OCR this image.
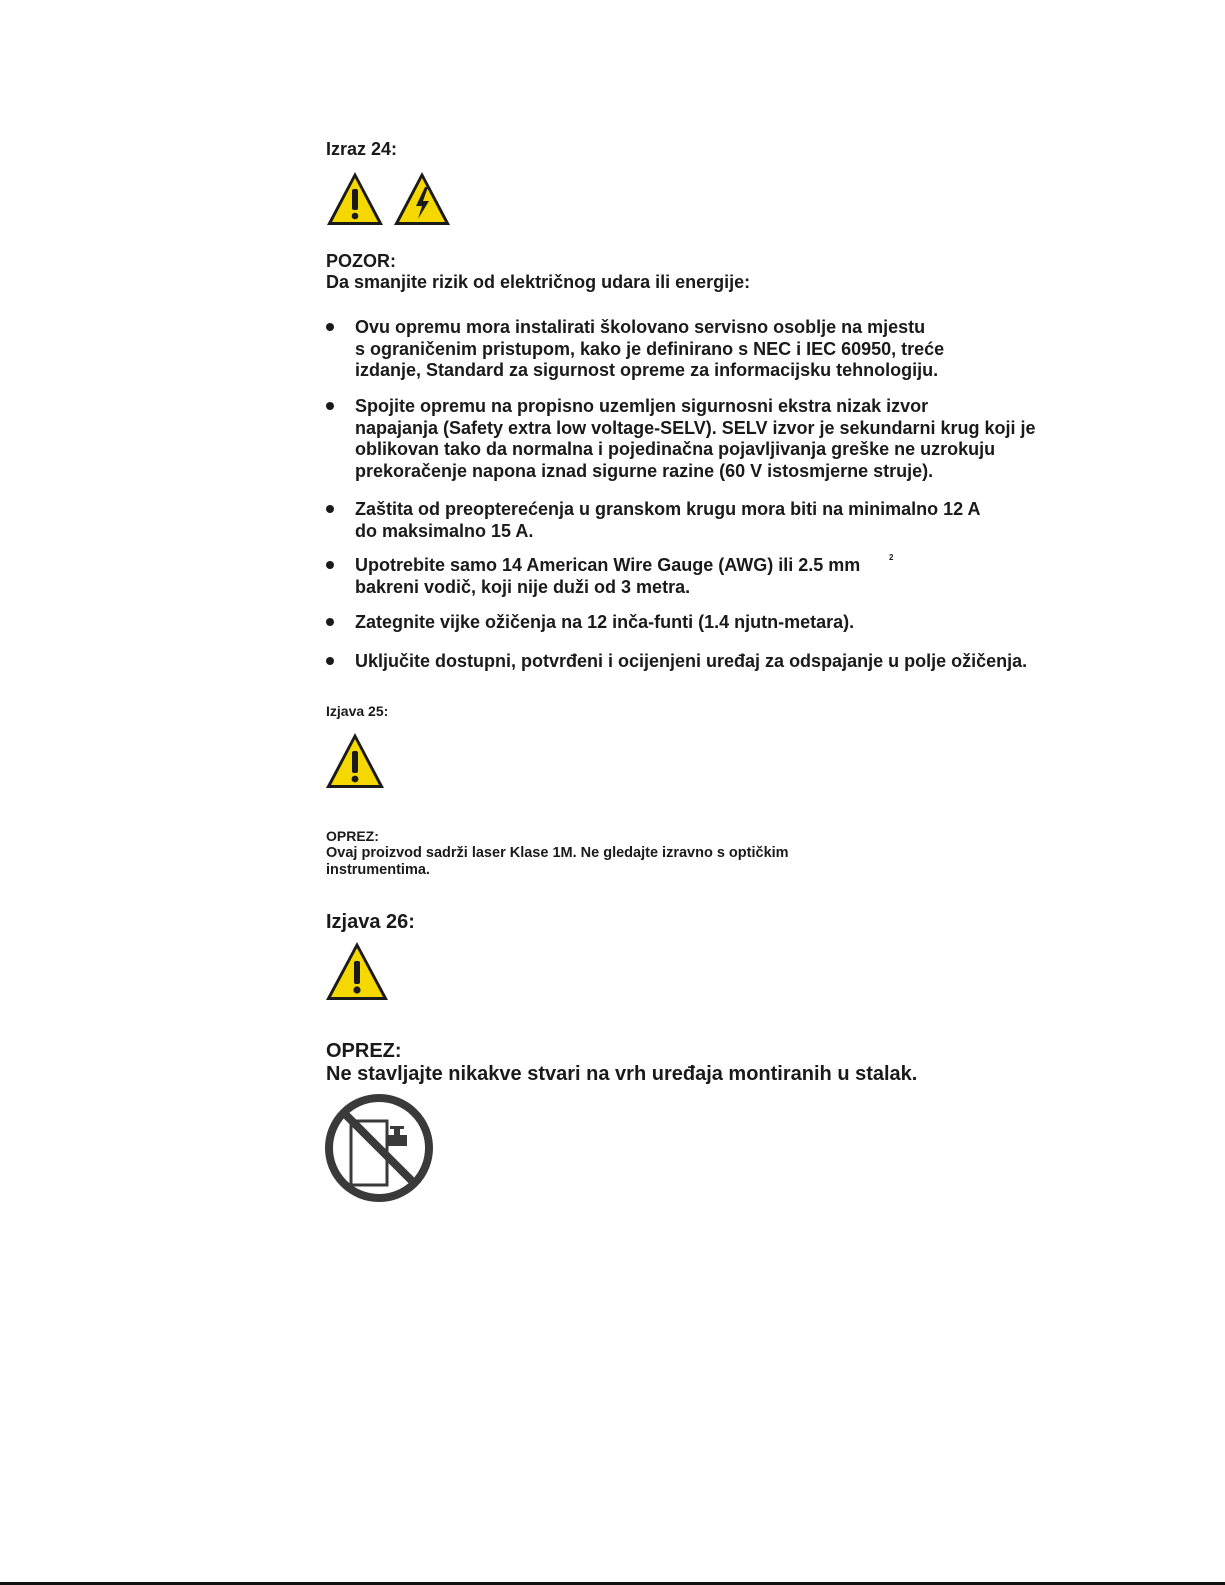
Izraz 24:
POZOR:
Da smanjite rizik od električnog udara ili energije:
Ovu opremu mora instalirati školovano servisno osoblje na mjestu
s ograničenim pristupom, kako je definirano s NEC i IEC 60950, treće
izdanje, Standard za sigurnost opreme za informacijsku tehnologiju.
Spojite opremu na propisno uzemljen sigurnosni ekstra nizak izvor
napajanja (Safety extra low voltage-SELV). SELV izvor je sekundarni krug koji je
oblikovan tako da normalna i pojedinačna pojavljivanja greške ne uzrokuju
prekoračenje napona iznad sigurne razine (60 V istosmjerne struje).
Zaštita od preopterećenja u granskom krugu mora biti na minimalno 12 A
do maksimalno 15 A.
Upotrebite samo 14 American Wire Gauge (AWG) ili 2.5 mm
bakreni vodič, koji nije duži od 3 metra.
2
Zategnite vijke ožičenja na 12 inča-funti (1.4 njutn-metara).
Uključite dostupni, potvrđeni i ocijenjeni uređaj za odspajanje u polje ožičenja.
Izjava 25:
OPREZ:
Ovaj proizvod sadrži laser Klase 1M. Ne gledajte izravno s optičkim
instrumentima.
Izjava 26:
OPREZ:
Ne stavljajte nikakve stvari na vrh uređaja montiranih u stalak.
